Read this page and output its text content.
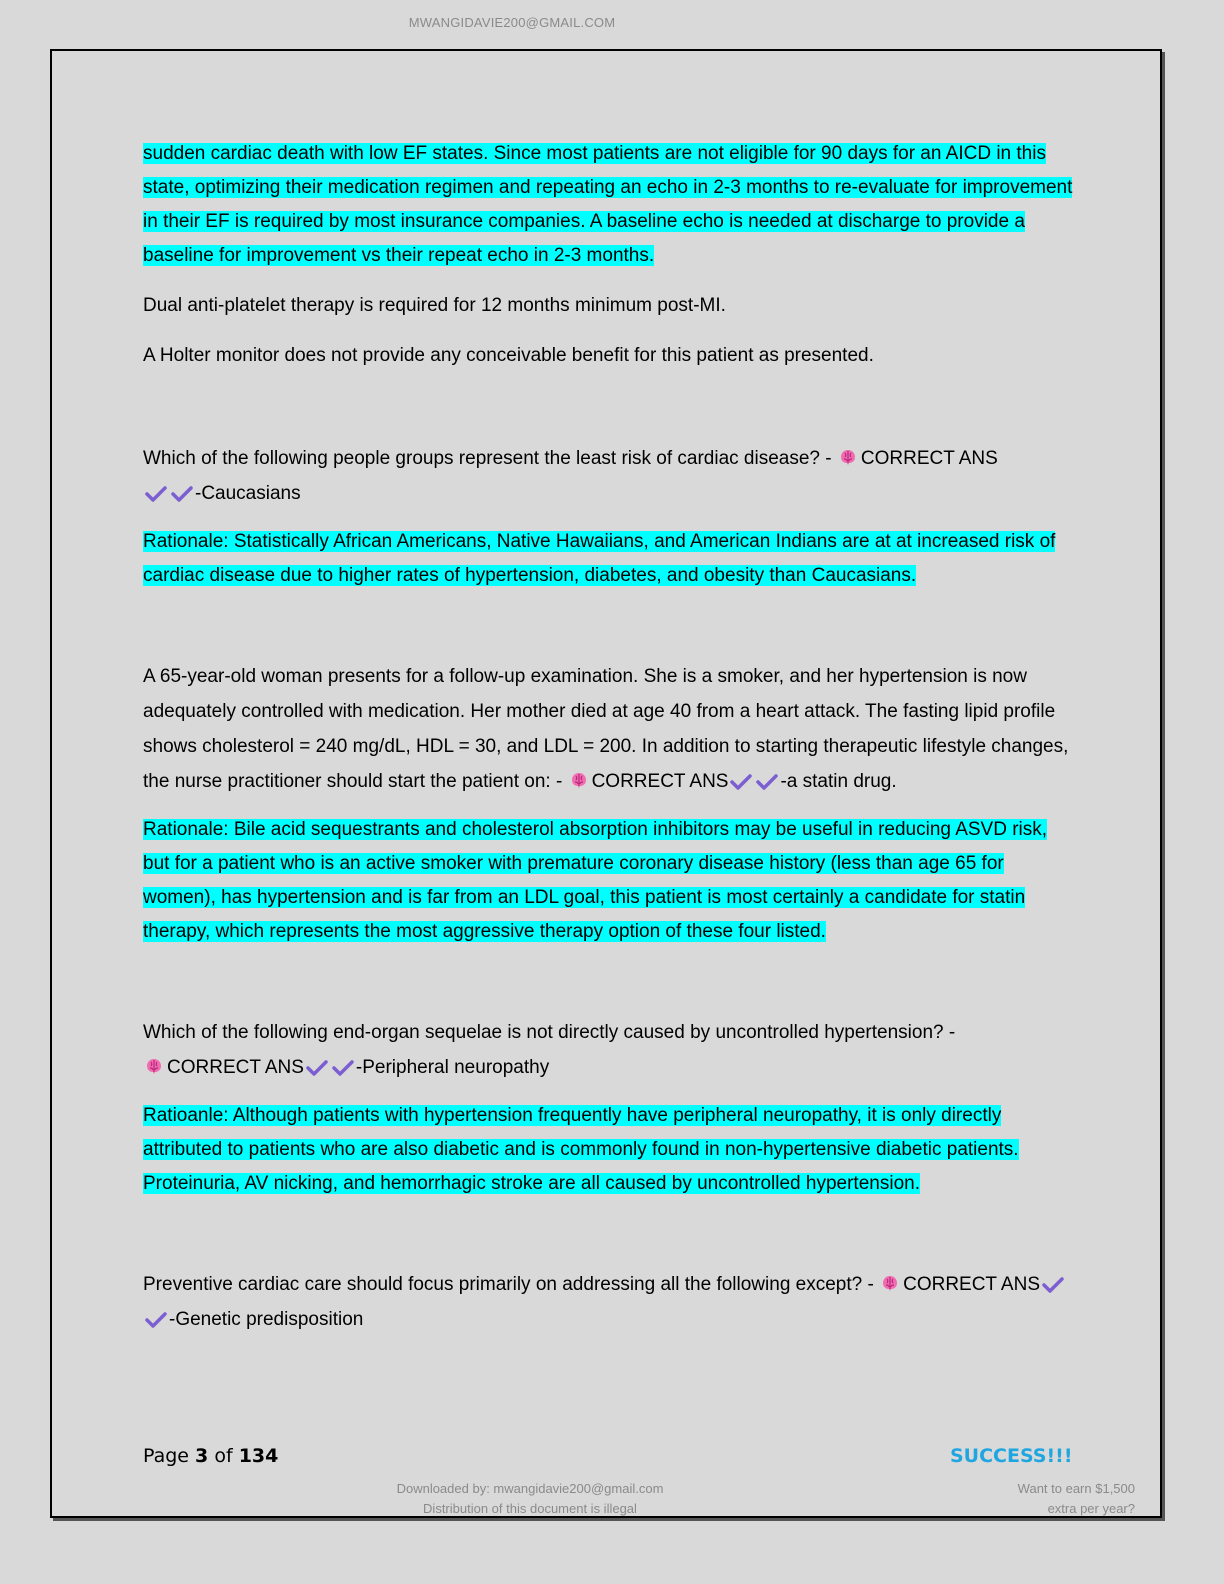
MWANGIDAVIE200@GMAIL.COM

sudden cardiac death with low EF states. Since most patients are not eligible for 90 days for an AICD in this state, optimizing their medication regimen and repeating an echo in 2-3 months to re-evaluate for improvement in their EF is required by most insurance companies. A baseline echo is needed at discharge to provide a baseline for improvement vs their repeat echo in 2-3 months.

Dual anti-platelet therapy is required for 12 months minimum post-MI.

A Holter monitor does not provide any conceivable benefit for this patient as presented.

Which of the following people groups represent the least risk of cardiac disease? - CORRECT ANS
-Caucasians

Rationale: Statistically African Americans, Native Hawaiians, and American Indians are at at increased risk of cardiac disease due to higher rates of hypertension, diabetes, and obesity than Caucasians.

A 65-year-old woman presents for a follow-up examination. She is a smoker, and her hypertension is now adequately controlled with medication. Her mother died at age 40 from a heart attack. The fasting lipid profile shows cholesterol = 240 mg/dL, HDL = 30, and LDL = 200. In addition to starting therapeutic lifestyle changes, the nurse practitioner should start the patient on: - CORRECT ANS	-a statin drug.

Rationale: Bile acid sequestrants and cholesterol absorption inhibitors may be useful in reducing ASVD risk, but for a patient who is an active smoker with premature coronary disease history (less than age 65 for women), has hypertension and is far from an LDL goal, this patient is most certainly a candidate for statin therapy, which represents the most aggressive therapy option of these four listed.

Which of the following end-organ sequelae is not directly caused by uncontrolled hypertension? -
CORRECT ANS	-Peripheral neuropathy

Ratioanle: Although patients with hypertension frequently have peripheral neuropathy, it is only directly attributed to patients who are also diabetic and is commonly found in non-hypertensive diabetic patients. Proteinuria, AV nicking, and hemorrhagic stroke are all caused by uncontrolled hypertension.

Preventive cardiac care should focus primarily on addressing all the following except? - CORRECT ANS-Genetic predisposition

Page 3 of 134	SUCCESS!!!
Downloaded by: mwangidavie200@gmail.com
Distribution of this document is illegal
Want to earn $1,500
extra per year?
